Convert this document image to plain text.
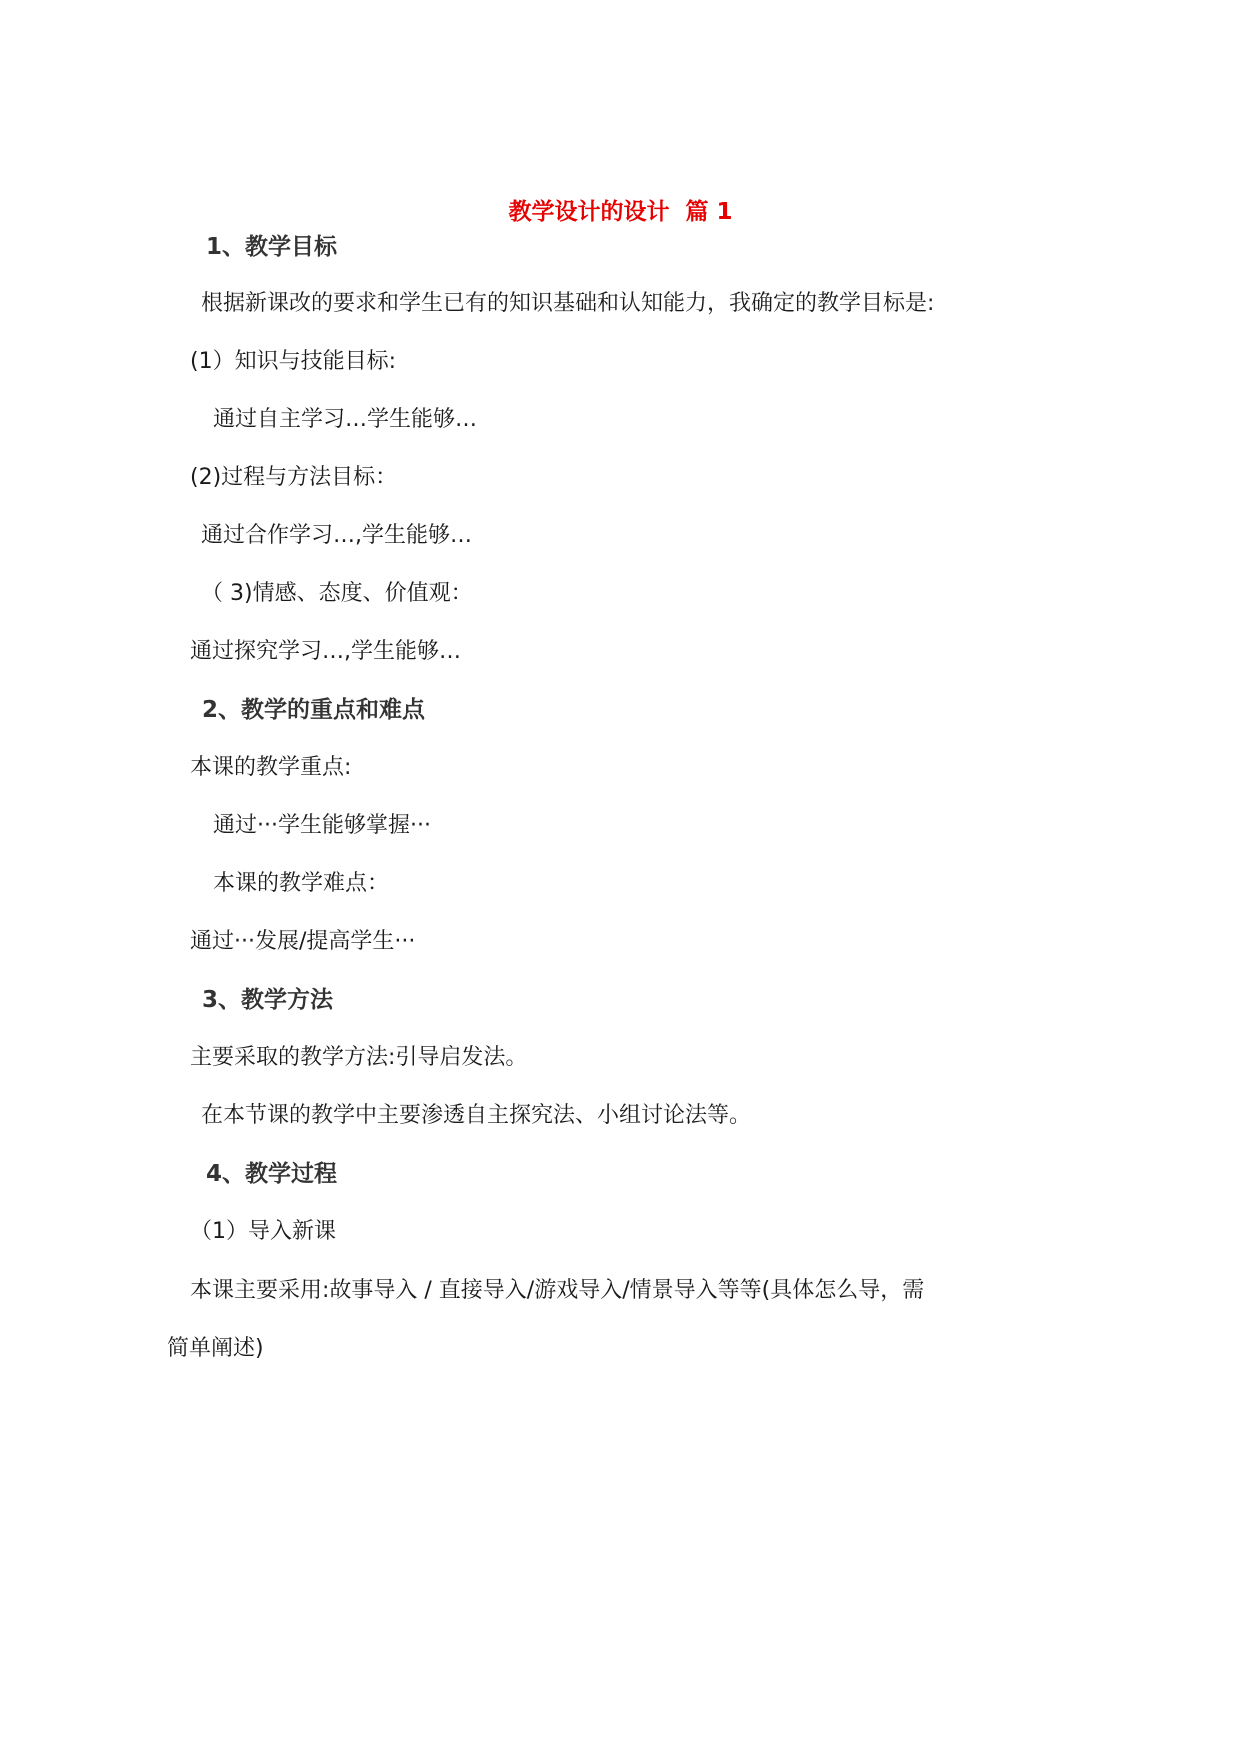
教学设计的设计  篇 1
1、教学目标
根据新课改的要求和学生已有的知识基础和认知能力，我确定的教学目标是:
(1）知识与技能目标:
通过自主学习…学生能够…
(2)过程与方法目标：
通过合作学习…,学生能够…
（ 3)情感、态度、价值观：
通过探究学习…,学生能够…
2、教学的重点和难点
本课的教学重点:
通过···学生能够掌握···
本课的教学难点：
通过···发展/提高学生···
3、教学方法
主要采取的教学方法:引导启发法。
在本节课的教学中主要渗透自主探究法、小组讨论法等。
4、教学过程
（1）导入新课
本课主要采用:故事导入 / 直接导入/游戏导入/情景导入等等(具体怎么导，需
简单阐述)
